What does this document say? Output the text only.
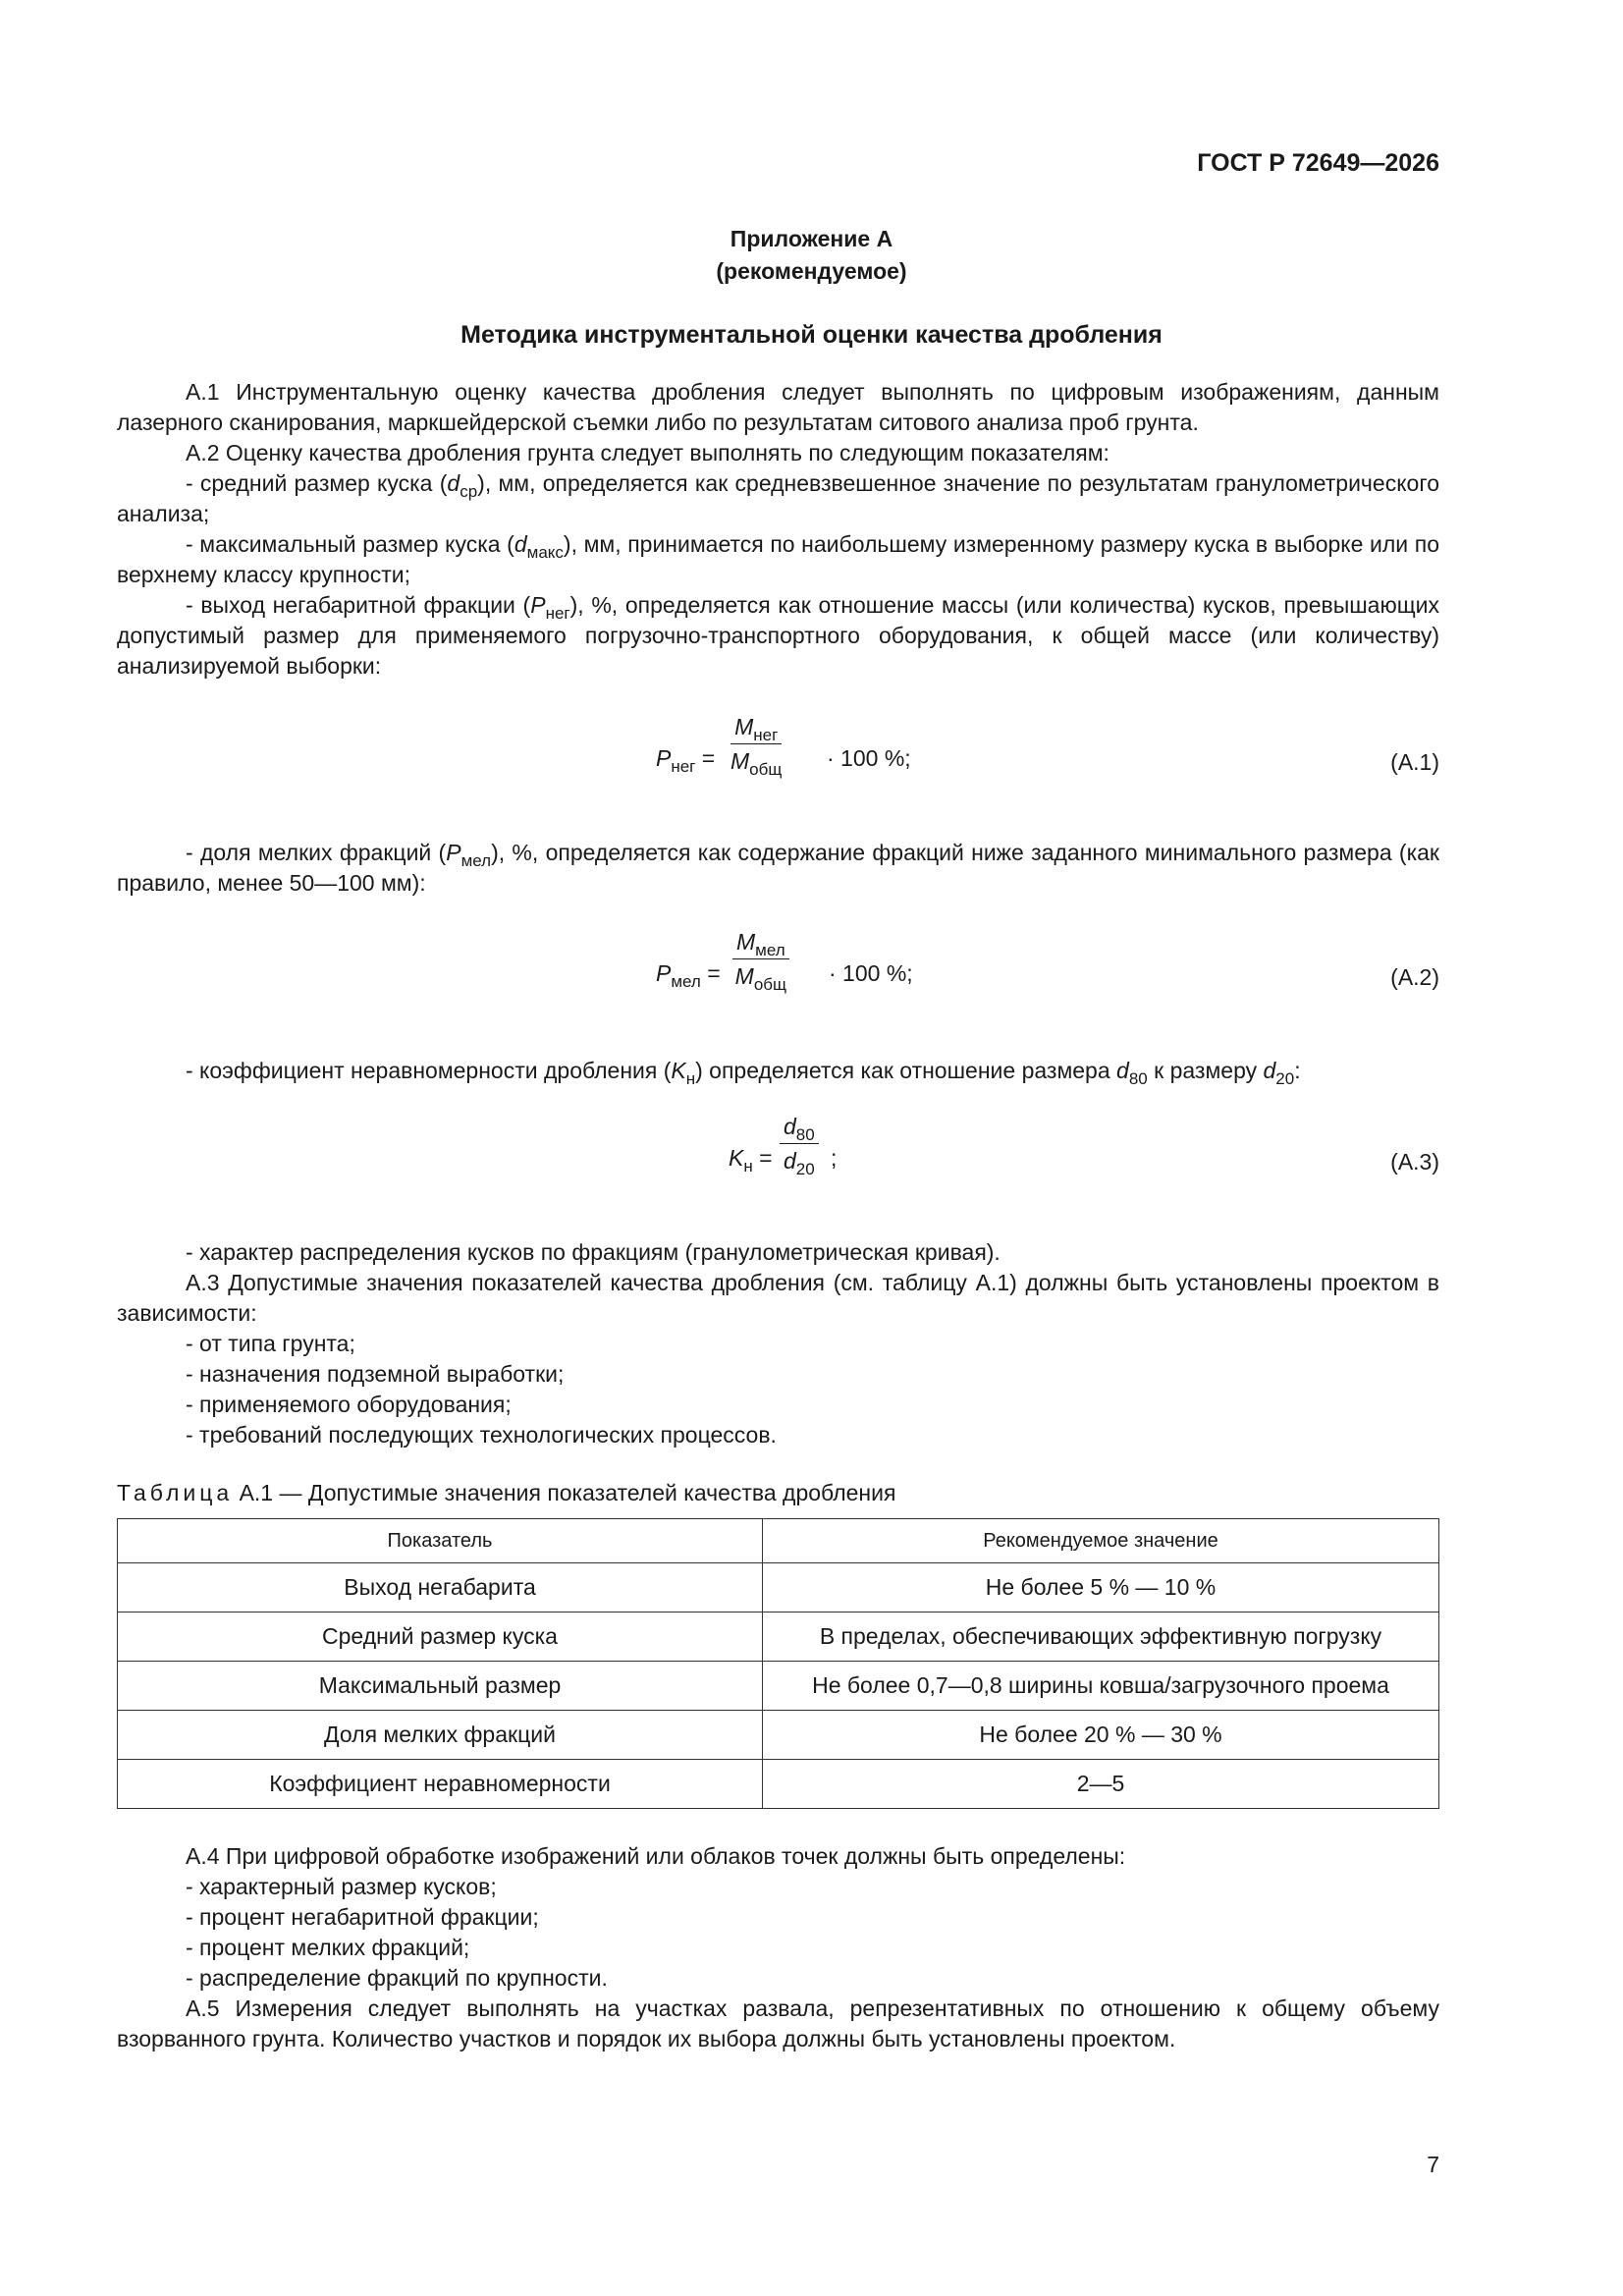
ГОСТ Р 72649—2026
Приложение А
(рекомендуемое)
Методика инструментальной оценки качества дробления

А.1 Инструментальную оценку качества дробления следует выполнять по цифровым изображениям, данным лазерного сканирования, маркшейдерской съемки либо по результатам ситового анализа проб грунта.

А.2 Оценку качества дробления грунта следует выполнять по следующим показателям:

- средний размер куска $(d_{ср})$, мм, определяется как средневзвешенное значение по результатам гранулометрического анализа;

- максимальный размер куска $(d_{макс})$, мм, принимается по наибольшему измеренному размеру куска в выборке или по верхнему классу крупности;

- выход негабаритной фракции $(P_{нег})$, %, определяется как отношение массы (или количества) кусков, превышающих допустимый размер для применяемого погрузочно-транспортного оборудования, к общей массе (или количеству) анализируемой выборки:

$P_{нег}$ =
$M_{нег}$
$M_{общ} \cdot 100$ %;	(А.1)

- доля мелких фракций $(P_{мел})$, %, определяется как содержание фракций ниже заданного минимального размера (как правило, менее 50—100 мм):

$P_{мел}$ =
$M_{мел}$
$M_{общ} \cdot 100$ %;	(А.2)

- коэффициент неравномерности дробления $(K_н)$ определяется как отношение размера $d_{80}$ к размеру $d_{20}$:

$K_н = \frac{d_{80}}{d_{20}}$ ;	(А.3)

- характер распределения кусков по фракциям (гранулометрическая кривая).

А.3 Допустимые значения показателей качества дробления (см. таблицу А.1) должны быть установлены проектом в зависимости:

- от типа грунта;

- назначения подземной выработки;

- применяемого оборудования;

- требований последующих технологических процессов.

Таблица А.1 — Допустимые значения показателей качества дробления
Показатель	Рекомендуемое значение
Выход негабарита	Не более 5 % — 10 %
Средний размер куска	В пределах, обеспечивающих эффективную погрузку
Максимальный размер	Не более 0,7—0,8 ширины ковша/загрузочного проема
Доля мелких фракций	Не более 20 % — 30 %
Коэффициент неравномерности	2—5

А.4 При цифровой обработке изображений или облаков точек должны быть определены:

- характерный размер кусков;

- процент негабаритной фракции;

- процент мелких фракций;

- распределение фракций по крупности.

А.5 Измерения следует выполнять на участках развала, репрезентативных по отношению к общему объему взорванного грунта. Количество участков и порядок их выбора должны быть установлены проектом.

7
